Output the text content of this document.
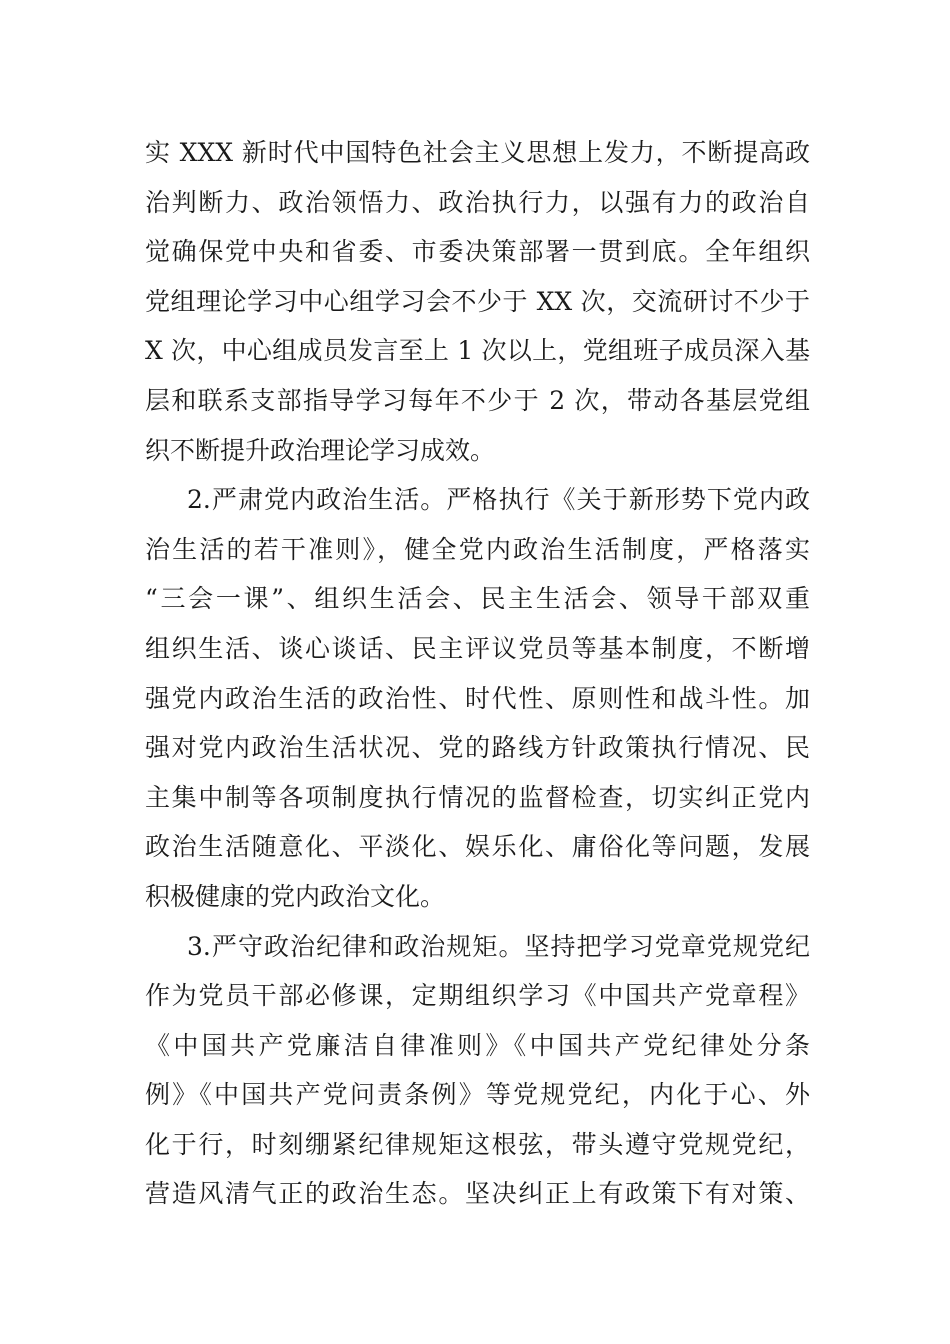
实 XXX 新时代中国特色社会主义思想上发力，不断提高政
治判断力、政治领悟力、政治执行力，以强有力的政治自
觉确保党中央和省委、市委决策部署一贯到底。全年组织
党组理论学习中心组学习会不少于 XX 次，交流研讨不少于
X 次，中心组成员发言至上 1 次以上，党组班子成员深入基
层和联系支部指导学习每年不少于 2 次，带动各基层党组
织不断提升政治理论学习成效。
2.严肃党内政治生活。严格执行《关于新形势下党内政
治生活的若干准则》，健全党内政治生活制度，严格落实
“三会一课”、组织生活会、民主生活会、领导干部双重
组织生活、谈心谈话、民主评议党员等基本制度，不断增
强党内政治生活的政治性、时代性、原则性和战斗性。加
强对党内政治生活状况、党的路线方针政策执行情况、民
主集中制等各项制度执行情况的监督检查，切实纠正党内
政治生活随意化、平淡化、娱乐化、庸俗化等问题，发展
积极健康的党内政治文化。
3.严守政治纪律和政治规矩。坚持把学习党章党规党纪
作为党员干部必修课，定期组织学习《中国共产党章程》
《中国共产党廉洁自律准则》《中国共产党纪律处分条
例》《中国共产党问责条例》等党规党纪，内化于心、外
化于行，时刻绷紧纪律规矩这根弦，带头遵守党规党纪，
营造风清气正的政治生态。坚决纠正上有政策下有对策、
